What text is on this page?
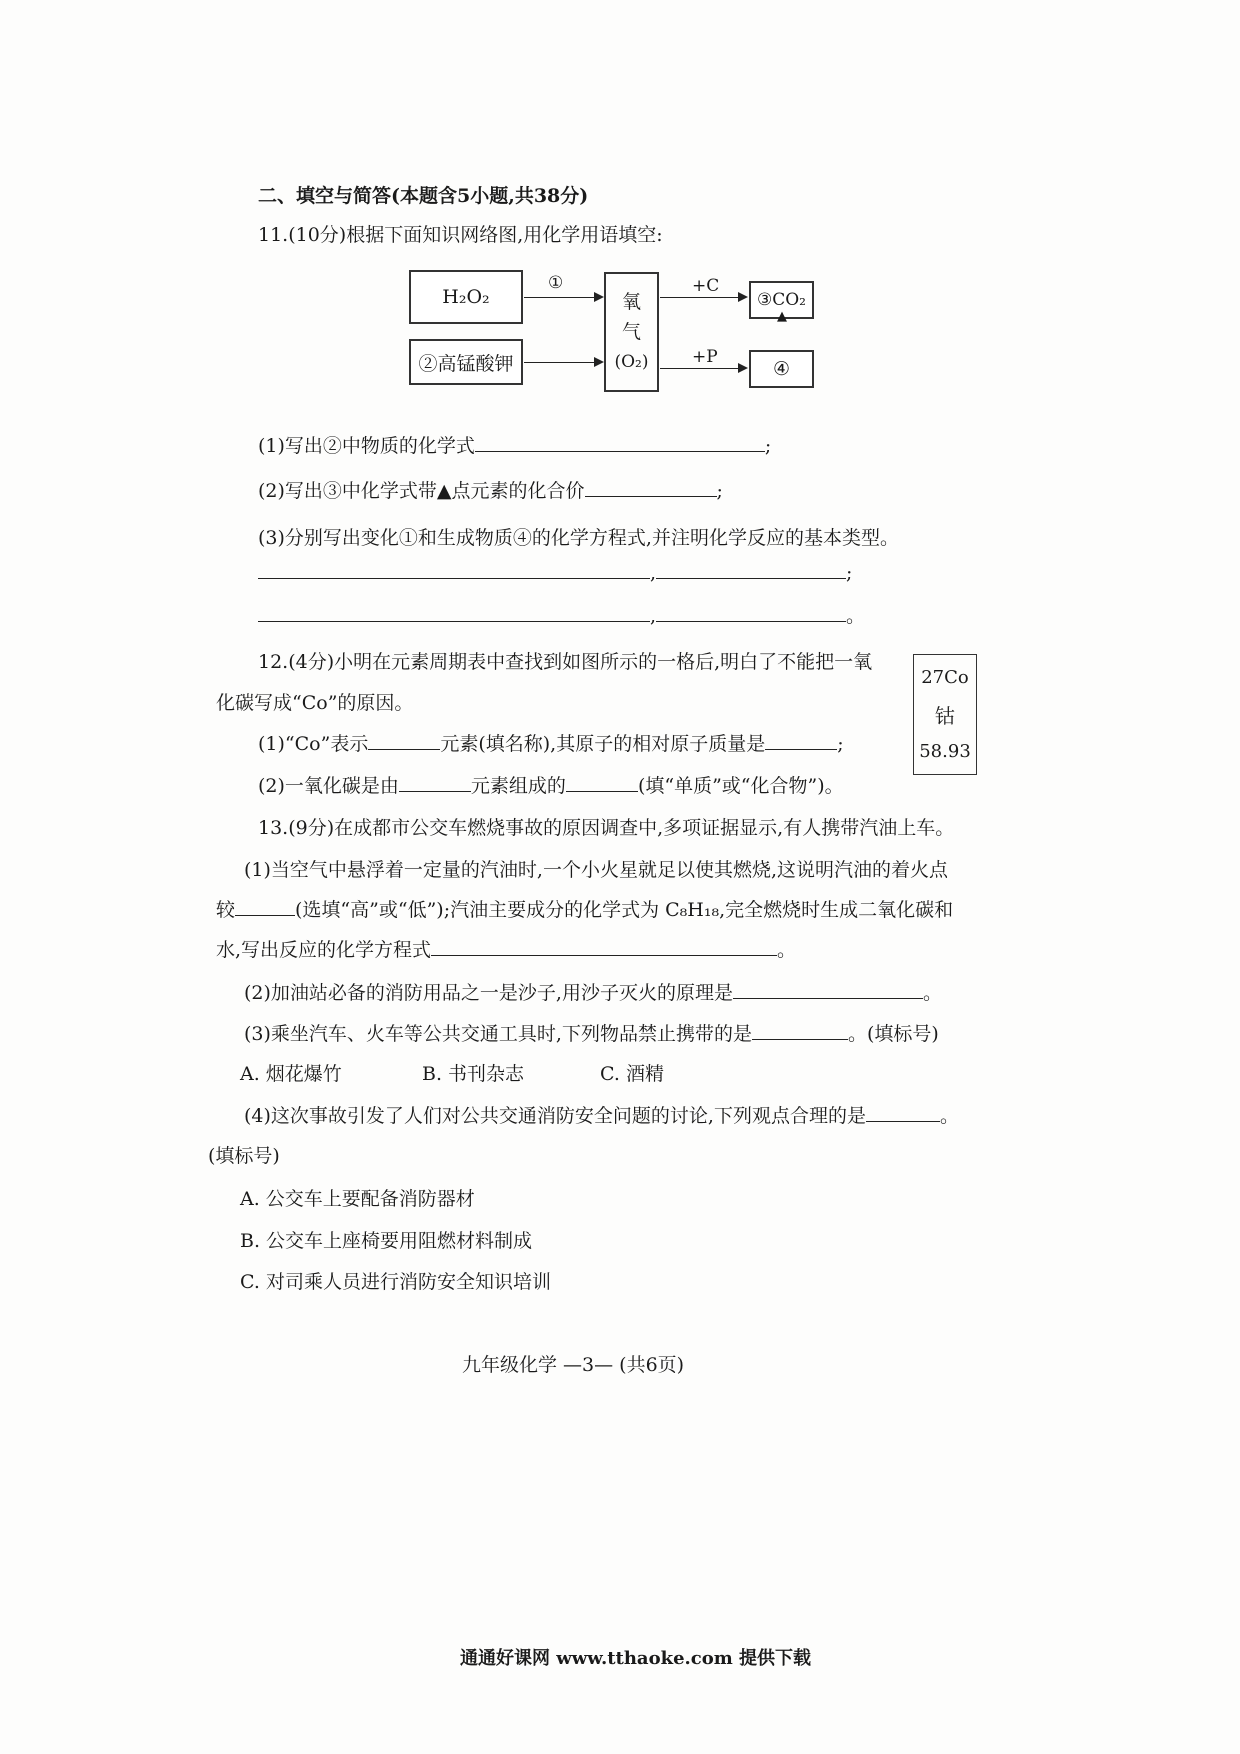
二、填空与简答(本题含5小题,共38分)
11.(10分)根据下面知识网络图,用化学用语填空:
H₂O₂
②高锰酸钾
①
氧
气
(O₂)
+C
+P
③CO₂
▲
④
(1)写出②中物质的化学式	;
(2)写出③中化学式带▲点元素的化合价	;
(3)分别写出变化①和生成物质④的化学方程式,并注明化学反应的基本类型。
,	;
,	。
12.(4分)小明在元素周期表中查找到如图所示的一格后,明白了不能把一氧
化碳写成“Co”的原因。
27Co
钴
58.93
(1)“Co”表示	元素(填名称),其原子的相对原子质量是	;
(2)一氧化碳是由	元素组成的	(填“单质”或“化合物”)。
13.(9分)在成都市公交车燃烧事故的原因调查中,多项证据显示,有人携带汽油上车。
(1)当空气中悬浮着一定量的汽油时,一个小火星就足以使其燃烧,这说明汽油的着火点
较	(选填“高”或“低”);汽油主要成分的化学式为 C₈H₁₈,完全燃烧时生成二氧化碳和
水,写出反应的化学方程式	。
(2)加油站必备的消防用品之一是沙子,用沙子灭火的原理是	。
(3)乘坐汽车、火车等公共交通工具时,下列物品禁止携带的是	。(填标号)
A. 烟花爆竹	B. 书刊杂志	C. 酒精
(4)这次事故引发了人们对公共交通消防安全问题的讨论,下列观点合理的是	。
(填标号)
A. 公交车上要配备消防器材
B. 公交车上座椅要用阻燃材料制成
C. 对司乘人员进行消防安全知识培训
九年级化学 —3— (共6页)
通通好课网 www.tthaoke.com 提供下载
